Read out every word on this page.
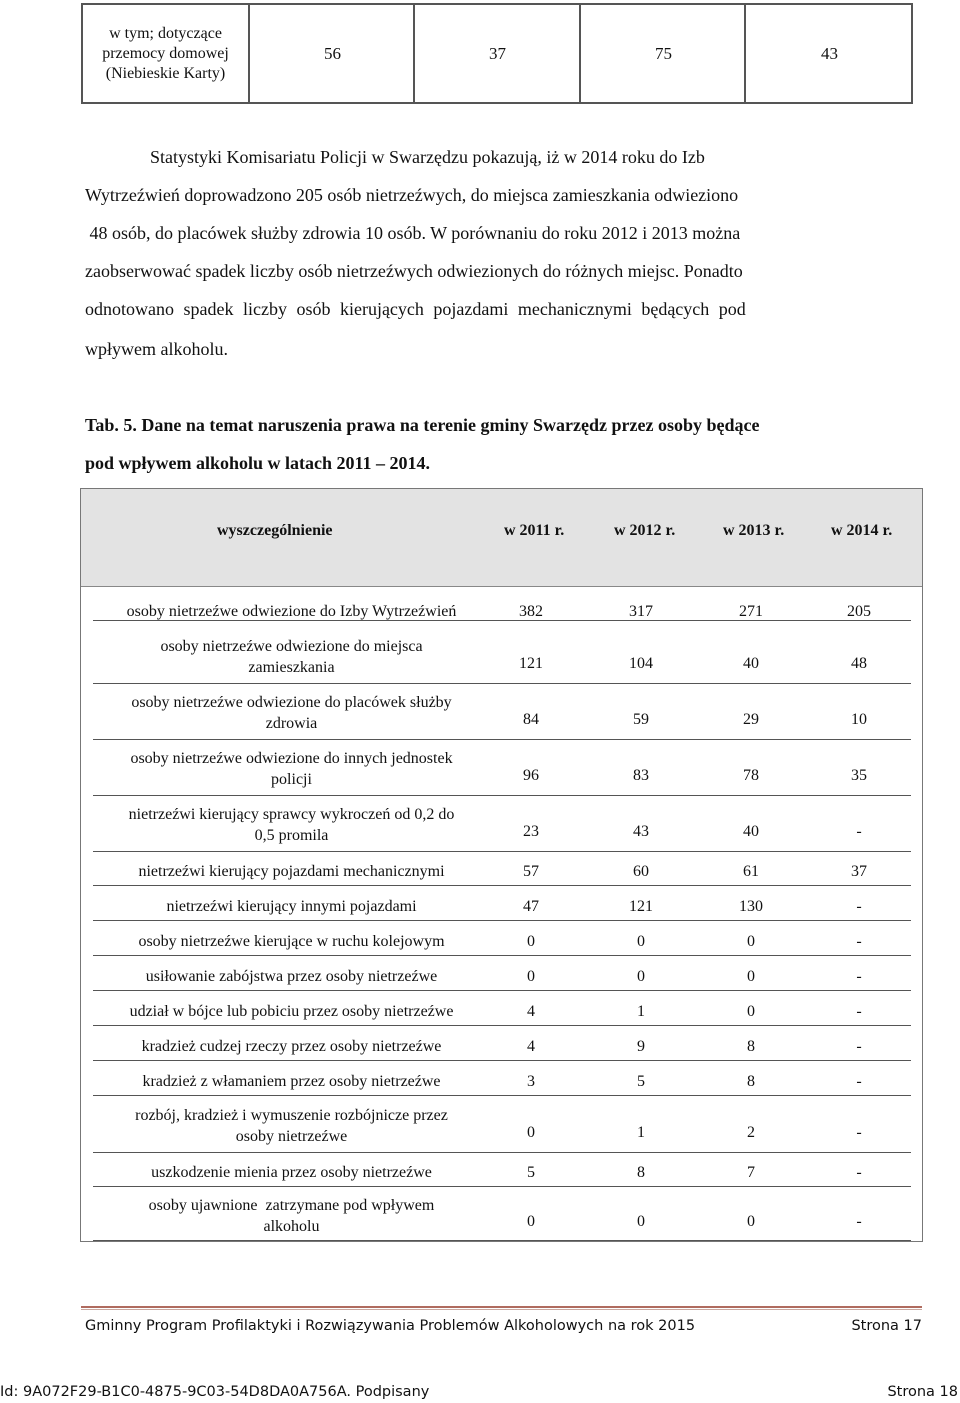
w tym; dotyczące
przemocy domowej
(Niebieskie Karty)
56	37	75	43
Statystyki Komisariatu Policji w Swarzędzu pokazują, iż w 2014 roku do Izb
Wytrzeźwień doprowadzono 205 osób nietrzeźwych, do miejsca zamieszkania odwieziono
48 osób, do placówek służby zdrowia 10 osób. W porównaniu do roku 2012 i 2013 można
zaobserwować spadek liczby osób nietrzeźwych odwiezionych do różnych miejsc. Ponadto
odnotowano spadek liczby osób kierujących pojazdami mechanicznymi będących pod
wpływem alkoholu.
Tab. 5. Dane na temat naruszenia prawa na terenie gminy Swarzędz przez osoby będące
pod wpływem alkoholu w latach 2011 – 2014.
wyszczególnienie	w 2011 r.	w 2012 r.	w 2013 r.	w 2014 r.
osoby nietrzeźwe odwiezione do Izby Wytrzeźwień	382	317	271	205
osoby nietrzeźwe odwiezione do miejsca
zamieszkania	121	104	40	48
osoby nietrzeźwe odwiezione do placówek służby
zdrowia	84	59	29	10
osoby nietrzeźwe odwiezione do innych jednostek
policji	96	83	78	35
nietrzeźwi kierujący sprawcy wykroczeń od 0,2 do
0,5 promila	23	43	40	-
nietrzeźwi kierujący pojazdami mechanicznymi	57	60	61	37
nietrzeźwi kierujący innymi pojazdami	47	121	130	-
osoby nietrzeźwe kierujące w ruchu kolejowym	0	0	0	-
usiłowanie zabójstwa przez osoby nietrzeźwe	0	0	0	-
udział w bójce lub pobiciu przez osoby nietrzeźwe	4	1	0	-
kradzież cudzej rzeczy przez osoby nietrzeźwe	4	9	8	-
kradzież z włamaniem przez osoby nietrzeźwe	3	5	8	-
rozbój, kradzież i wymuszenie rozbójnicze przez
osoby nietrzeźwe	0	1	2	-
uszkodzenie mienia przez osoby nietrzeźwe	5	8	7	-
osoby ujawnione  zatrzymane pod wpływem
alkoholu	0	0	0	-
Gminny Program Profilaktyki i Rozwiązywania Problemów Alkoholowych na rok 2015	Strona 17
Id: 9A072F29-B1C0-4875-9C03-54D8DA0A756A. Podpisany	Strona 18
